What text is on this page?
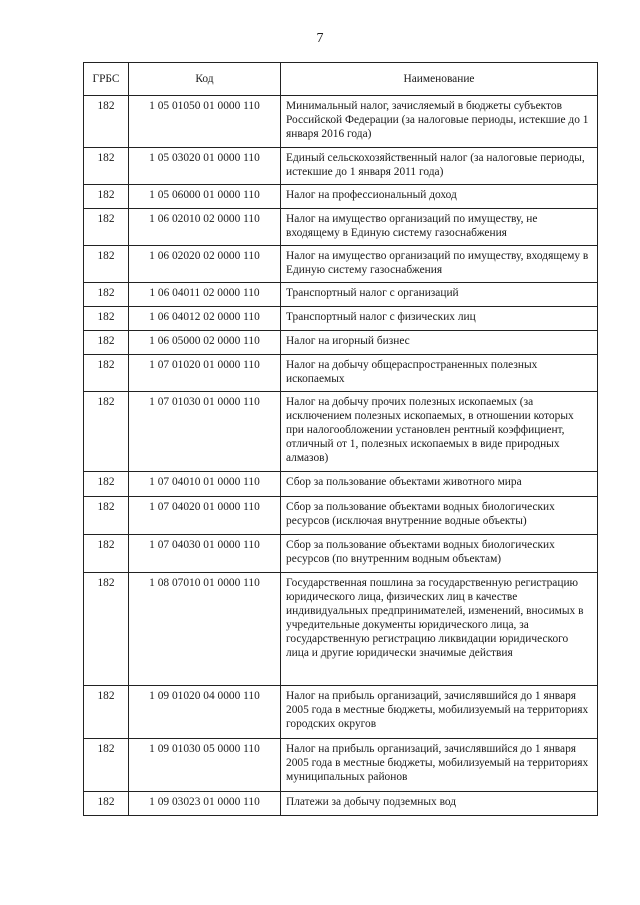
7
ГРБС	Код	Наименование
182	1 05 01050 01 0000 110	Минимальный налог, зачисляемый в бюджеты субъектов Российской Федерации (за налоговые периоды, истекшие до 1 января 2016 года)
182	1 05 03020 01 0000 110	Единый сельскохозяйственный налог (за налоговые периоды, истекшие до 1 января 2011 года)
182	1 05 06000 01 0000 110	Налог на профессиональный доход
182	1 06 02010 02 0000 110	Налог на имущество организаций по имуществу, не входящему в Единую систему газоснабжения
182	1 06 02020 02 0000 110	Налог на имущество организаций по имуществу, входящему в Единую систему газоснабжения
182	1 06 04011 02 0000 110	Транспортный налог с организаций
182	1 06 04012 02 0000 110	Транспортный налог с физических лиц
182	1 06 05000 02 0000 110	Налог на игорный бизнес
182	1 07 01020 01 0000 110	Налог на добычу общераспространенных полезных ископаемых
182	1 07 01030 01 0000 110	Налог на добычу прочих полезных ископаемых (за исключением полезных ископаемых, в отношении которых при налогообложении установлен рентный коэффициент, отличный от 1, полезных ископаемых в виде природных алмазов)
182	1 07 04010 01 0000 110	Сбор за пользование объектами животного мира
182	1 07 04020 01 0000 110	Сбор за пользование объектами водных биологических ресурсов (исключая внутренние водные объекты)
182	1 07 04030 01 0000 110	Сбор за пользование объектами водных биологических ресурсов (по внутренним водным объектам)
182	1 08 07010 01 0000 110	Государственная пошлина за государственную регистрацию юридического лица, физических лиц в качестве индивидуальных предпринимателей, изменений, вносимых в учредительные документы юридического лица, за государственную регистрацию ликвидации юридического лица и другие юридически значимые действия
182	1 09 01020 04 0000 110	Налог на прибыль организаций, зачислявшийся до 1 января 2005 года в местные бюджеты, мобилизуемый на территориях городских округов
182	1 09 01030 05 0000 110	Налог на прибыль организаций, зачислявшийся до 1 января 2005 года в местные бюджеты, мобилизуемый на территориях муниципальных районов
182	1 09 03023 01 0000 110	Платежи за добычу подземных вод
